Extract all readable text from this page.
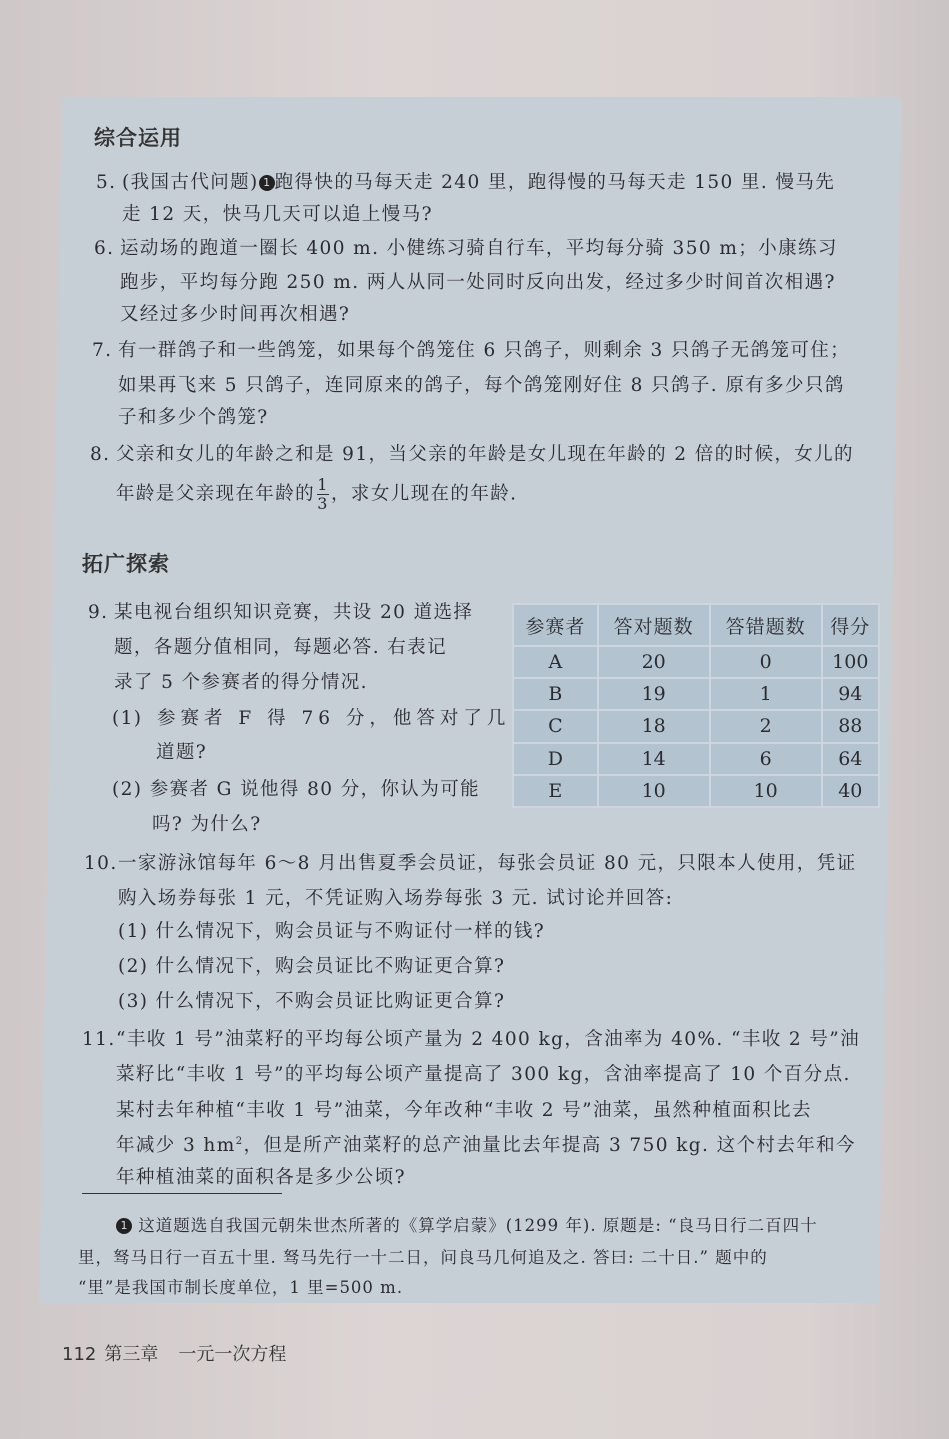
综合运用
5. (我国古代问题) 1 跑得快的马每天走 240 里，跑得慢的马每天走 150 里. 慢马先
走 12 天，快马几天可以追上慢马?
6. 运动场的跑道一圈长 400 m. 小健练习骑自行车，平均每分骑 350 m；小康练习
跑步，平均每分跑 250 m. 两人从同一处同时反向出发，经过多少时间首次相遇?
又经过多少时间再次相遇?
7. 有一群鸽子和一些鸽笼，如果每个鸽笼住 6 只鸽子，则剩余 3 只鸽子无鸽笼可住；
如果再飞来 5 只鸽子，连同原来的鸽子，每个鸽笼刚好住 8 只鸽子. 原有多少只鸽
子和多少个鸽笼?
8. 父亲和女儿的年龄之和是 91，当父亲的年龄是女儿现在年龄的 2 倍的时候，女儿的
年龄是父亲现在年龄的 $\frac{1}{3}$ ，求女儿现在的年龄.
拓广探索
9. 某电视台组织知识竞赛，共设 20 道选择
题，各题分值相同，每题必答. 右表记
录了 5 个参赛者的得分情况.
(1) 参赛者 F 得 76 分，他答对了几
道题?
(2) 参赛者 G 说他得 80 分，你认为可能
吗? 为什么?
参赛者	答对题数	答错题数	得分
A	20	0	100
B	19	1	94
C	18	2	88
D	14	6	64
E	10	10	40
10.一家游泳馆每年 6～8 月出售夏季会员证，每张会员证 80 元，只限本人使用，凭证
购入场券每张 1 元，不凭证购入场券每张 3 元. 试讨论并回答:
(1) 什么情况下，购会员证与不购证付一样的钱?
(2) 什么情况下，购会员证比不购证更合算?
(3) 什么情况下，不购会员证比购证更合算?
11.“丰收 1 号”油菜籽的平均每公顷产量为 2 400 kg，含油率为 40%. “丰收 2 号”油
菜籽比“丰收 1 号”的平均每公顷产量提高了 300 kg，含油率提高了 10 个百分点.
某村去年种植“丰收 1 号”油菜，今年改种“丰收 2 号”油菜，虽然种植面积比去
年减少 3 $hm^2$，但是所产油菜籽的总产油量比去年提高 3 750 kg. 这个村去年和今
年种植油菜的面积各是多少公顷?
1 这道题选自我国元朝朱世杰所著的《算学启蒙》(1299 年). 原题是: “良马日行二百四十
里，驽马日行一百五十里. 驽马先行一十二日，问良马几何追及之. 答曰: 二十日.” 题中的
“里”是我国市制长度单位，1 里=500 m.
112 第三章 一元一次方程
